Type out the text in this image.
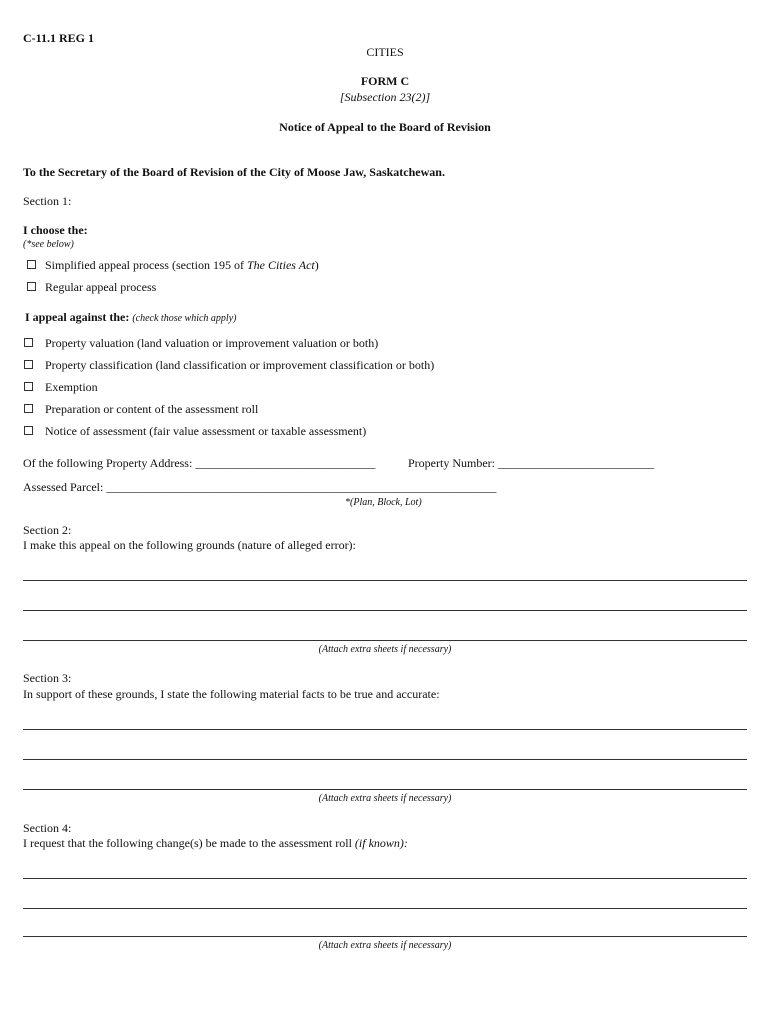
C-11.1 REG 1
CITIES
FORM C
[Subsection 23(2)]
Notice of Appeal to the Board of Revision
To the Secretary of the Board of Revision of the City of Moose Jaw, Saskatchewan.
Section 1:
I choose the:
(*see below)
Simplified appeal process (section 195 of The Cities Act)
Regular appeal process
I appeal against the: (check those which apply)
Property valuation (land valuation or improvement valuation or both)
Property classification (land classification or improvement classification or both)
Exemption
Preparation or content of the assessment roll
Notice of assessment (fair value assessment or taxable assessment)
Of the following Property Address: ______________________________	Property Number: __________________________
Assessed Parcel: _________________________________________________________________
*(Plan, Block, Lot)
Section 2:
I make this appeal on the following grounds (nature of alleged error):
(Attach extra sheets if necessary)
Section 3:
In support of these grounds, I state the following material facts to be true and accurate:
(Attach extra sheets if necessary)
Section 4:
I request that the following change(s) be made to the assessment roll (if known):
(Attach extra sheets if necessary)
